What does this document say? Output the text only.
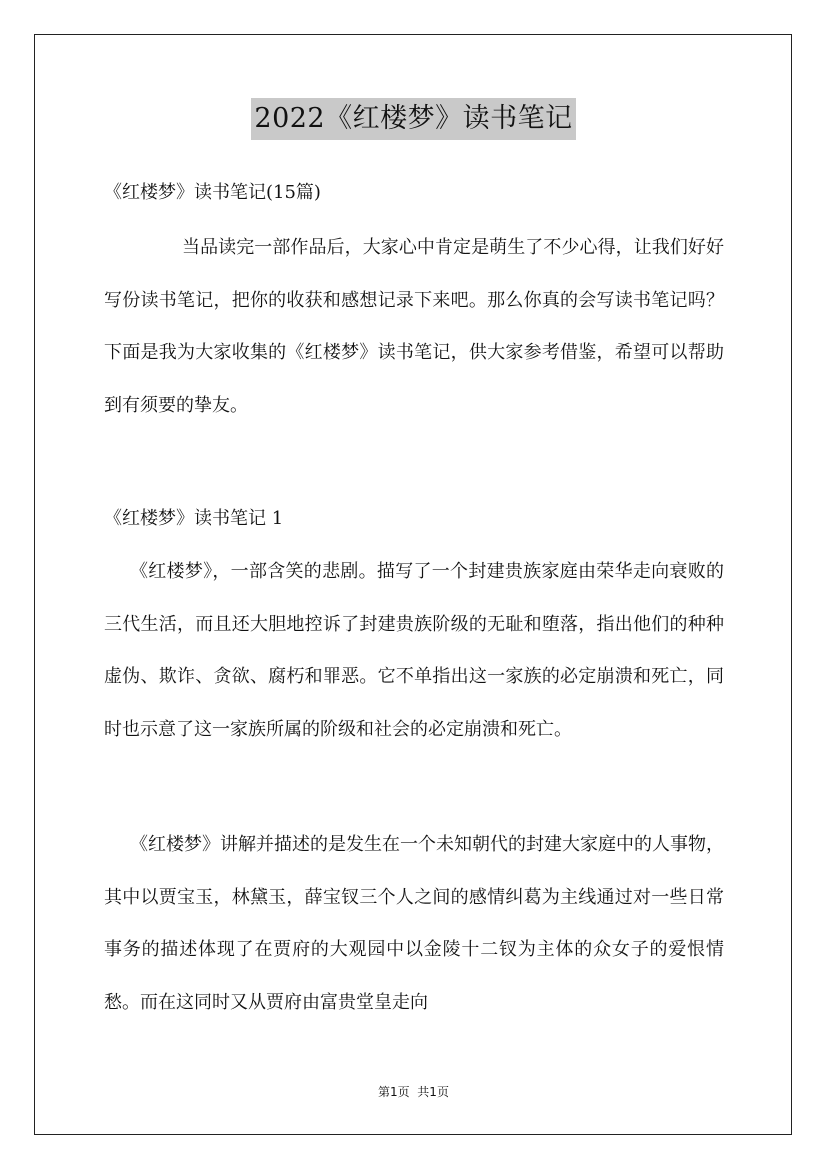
2022《红楼梦》读书笔记
《红楼梦》读书笔记(15篇)

当品读完一部作品后，大家心中肯定是萌生了不少心得，让我们好好写份读书笔记，把你的收获和感想记录下来吧。那么你真的会写读书笔记吗？下面是我为大家收集的《红楼梦》读书笔记，供大家参考借鉴，希望可以帮助到有须要的挚友。

《红楼梦》读书笔记 1

《红楼梦》，一部含笑的悲剧。描写了一个封建贵族家庭由荣华走向衰败的三代生活，而且还大胆地控诉了封建贵族阶级的无耻和堕落，指出他们的种种虚伪、欺诈、贪欲、腐朽和罪恶。它不单指出这一家族的必定崩溃和死亡，同时也示意了这一家族所属的阶级和社会的必定崩溃和死亡。

《红楼梦》讲解并描述的是发生在一个未知朝代的封建大家庭中的人事物，其中以贾宝玉，林黛玉，薛宝钗三个人之间的感情纠葛为主线通过对一些日常事务的描述体现了在贾府的大观园中以金陵十二钗为主体的众女子的爱恨情愁。而在这同时又从贾府由富贵堂皇走向

第1页  共1页
